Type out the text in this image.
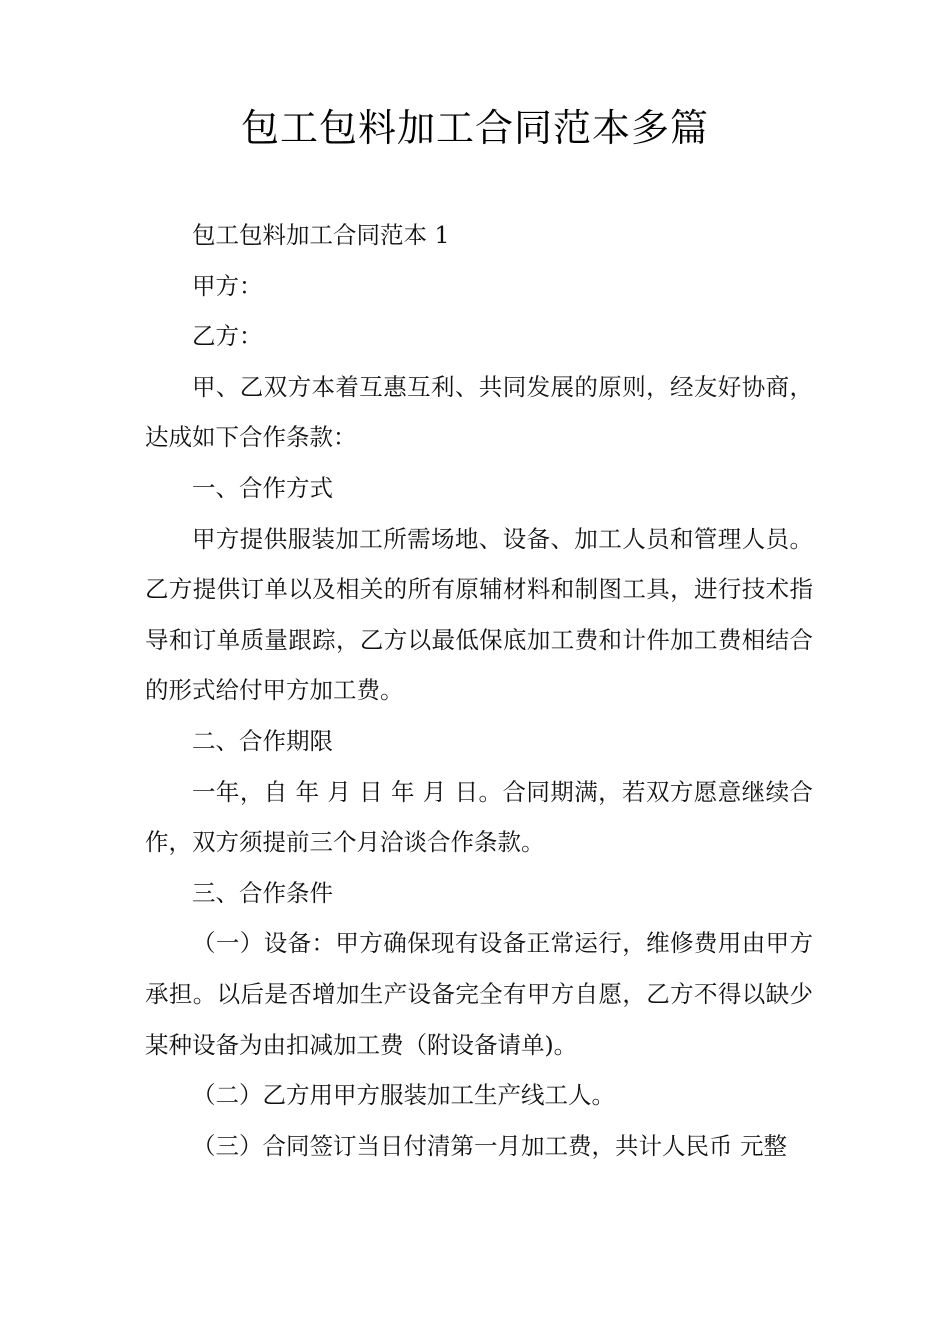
包工包料加工合同范本多篇

包工包料加工合同范本 1

甲方：

乙方：

甲、乙双方本着互惠互利、共同发展的原则，经友好协商，达成如下合作条款：

一、合作方式

甲方提供服装加工所需场地、设备、加工人员和管理人员。乙方提供订单以及相关的所有原辅材料和制图工具，进行技术指导和订单质量跟踪，乙方以最低保底加工费和计件加工费相结合的形式给付甲方加工费。

二、合作期限

一年，自 年 月 日 年 月 日。合同期满，若双方愿意继续合作，双方须提前三个月洽谈合作条款。

三、合作条件

（一）设备：甲方确保现有设备正常运行，维修费用由甲方承担。以后是否增加生产设备完全有甲方自愿，乙方不得以缺少某种设备为由扣减加工费（附设备请单)。

（二）乙方用甲方服装加工生产线工人。

（三）合同签订当日付清第一月加工费，共计人民币 元整
